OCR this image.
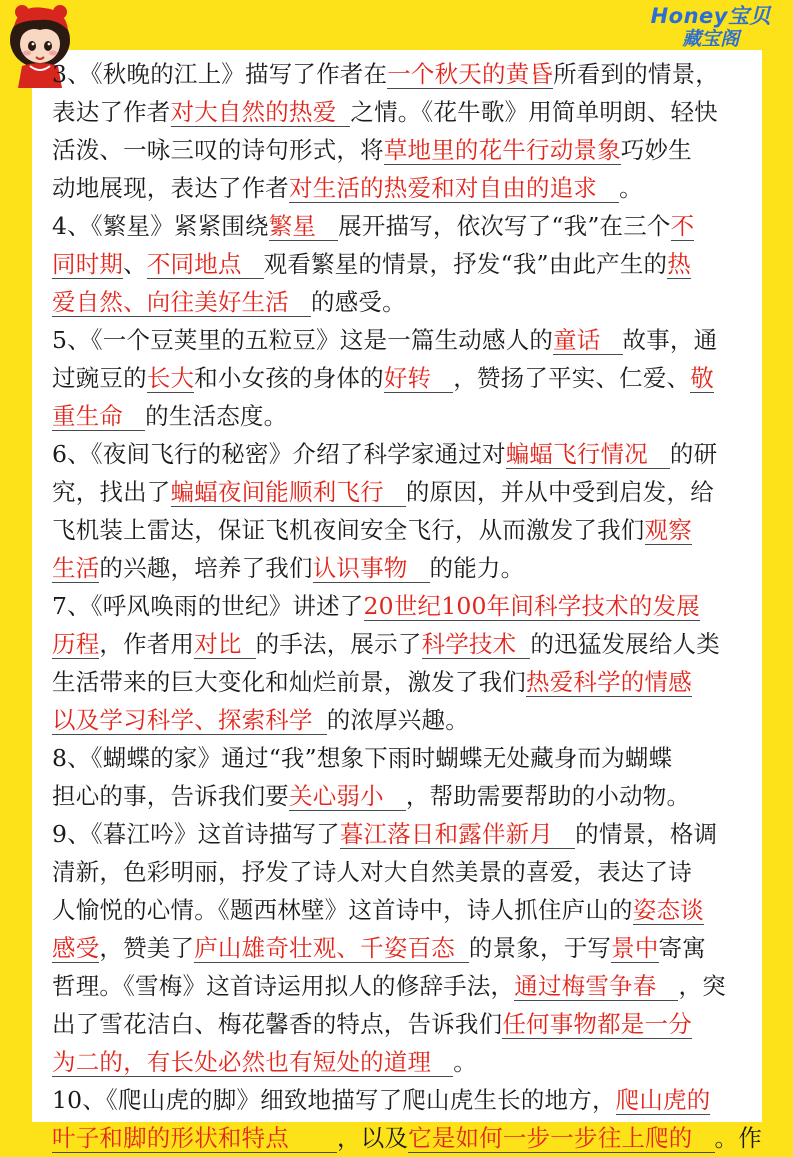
Honey宝贝
藏宝阁
3、《秋晚的江上》描写了作者在一个秋天的黄昏所看到的情景，
表达了作者对大自然的热爱 之情。《花牛歌》用简单明朗、轻快
活泼、一咏三叹的诗句形式，将草地里的花牛行动景象巧妙生
动地展现，表达了作者对生活的热爱和对自由的追求 。
4、《繁星》紧紧围绕繁星 展开描写，依次写了“我”在三个不
同时期、不同地点 观看繁星的情景，抒发“我”由此产生的热
爱自然、向往美好生活 的感受。
5、《一个豆荚里的五粒豆》这是一篇生动感人的童话 故事，通
过豌豆的长大和小女孩的身体的好转 ，赞扬了平实、仁爱、敬
重生命 的生活态度。
6、《夜间飞行的秘密》介绍了科学家通过对蝙蝠飞行情况 的研
究，找出了蝙蝠夜间能顺利飞行 的原因，并从中受到启发，给
飞机装上雷达，保证飞机夜间安全飞行，从而激发了我们观察
生活的兴趣，培养了我们认识事物 的能力。
7、《呼风唤雨的世纪》讲述了20世纪100年间科学技术的发展
历程，作者用对比 的手法，展示了科学技术 的迅猛发展给人类
生活带来的巨大变化和灿烂前景，激发了我们热爱科学的情感
以及学习科学、探索科学 的浓厚兴趣。
8、《蝴蝶的家》通过“我”想象下雨时蝴蝶无处藏身而为蝴蝶
担心的事，告诉我们要关心弱小 ，帮助需要帮助的小动物。
9、《暮江吟》这首诗描写了暮江落日和露伴新月 的情景，格调
清新，色彩明丽，抒发了诗人对大自然美景的喜爱，表达了诗
人愉悦的心情。《题西林壁》这首诗中，诗人抓住庐山的姿态谈
感受，赞美了庐山雄奇壮观、千姿百态 的景象，于写景中寄寓
哲理。《雪梅》这首诗运用拟人的修辞手法，通过梅雪争春 ，突
出了雪花洁白、梅花馨香的特点，告诉我们任何事物都是一分
为二的，有长处必然也有短处的道理 。
10、《爬山虎的脚》细致地描写了爬山虎生长的地方，爬山虎的
叶子和脚的形状和特点 ，以及它是如何一步一步往上爬的 。作
